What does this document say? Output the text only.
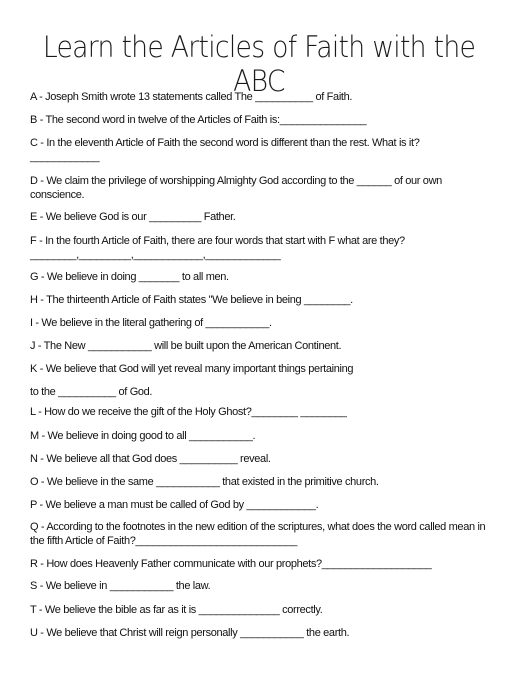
Learn the Articles of Faith with the ABC
A - Joseph Smith wrote 13 statements called The __________ of Faith.
B - The second word in twelve of the Articles of Faith is:_______________
C - In the eleventh Article of Faith the second word is different than the rest. What is it?
____________
D - We claim the privilege of worshipping Almighty God according to the ______ of our own conscience.
E - We believe God is our _________ Father.
F - In the fourth Article of Faith, there are four words that start with F what are they?
________,_________,____________,_____________
G - We believe in doing _______ to all men.
H - The thirteenth Article of Faith states "We believe in being ________.
I - We believe in the literal gathering of ___________.
J - The New ___________ will be built upon the American Continent.
K - We believe that God will yet reveal many important things pertaining
to the __________ of God.
L - How do we receive the gift of the Holy Ghost?________ ________
M - We believe in doing good to all ___________.
N - We believe all that God does __________ reveal.
O - We believe in the same ___________ that existed in the primitive church.
P - We believe a man must be called of God by ____________.
Q - According to the footnotes in the new edition of the scriptures, what does the word called mean in the fifth Article of Faith?____________________________
R - How does Heavenly Father communicate with our prophets?___________________
S - We believe in ___________ the law.
T - We believe the bible as far as it is ______________ correctly.
U - We believe that Christ will reign personally ___________ the earth.
